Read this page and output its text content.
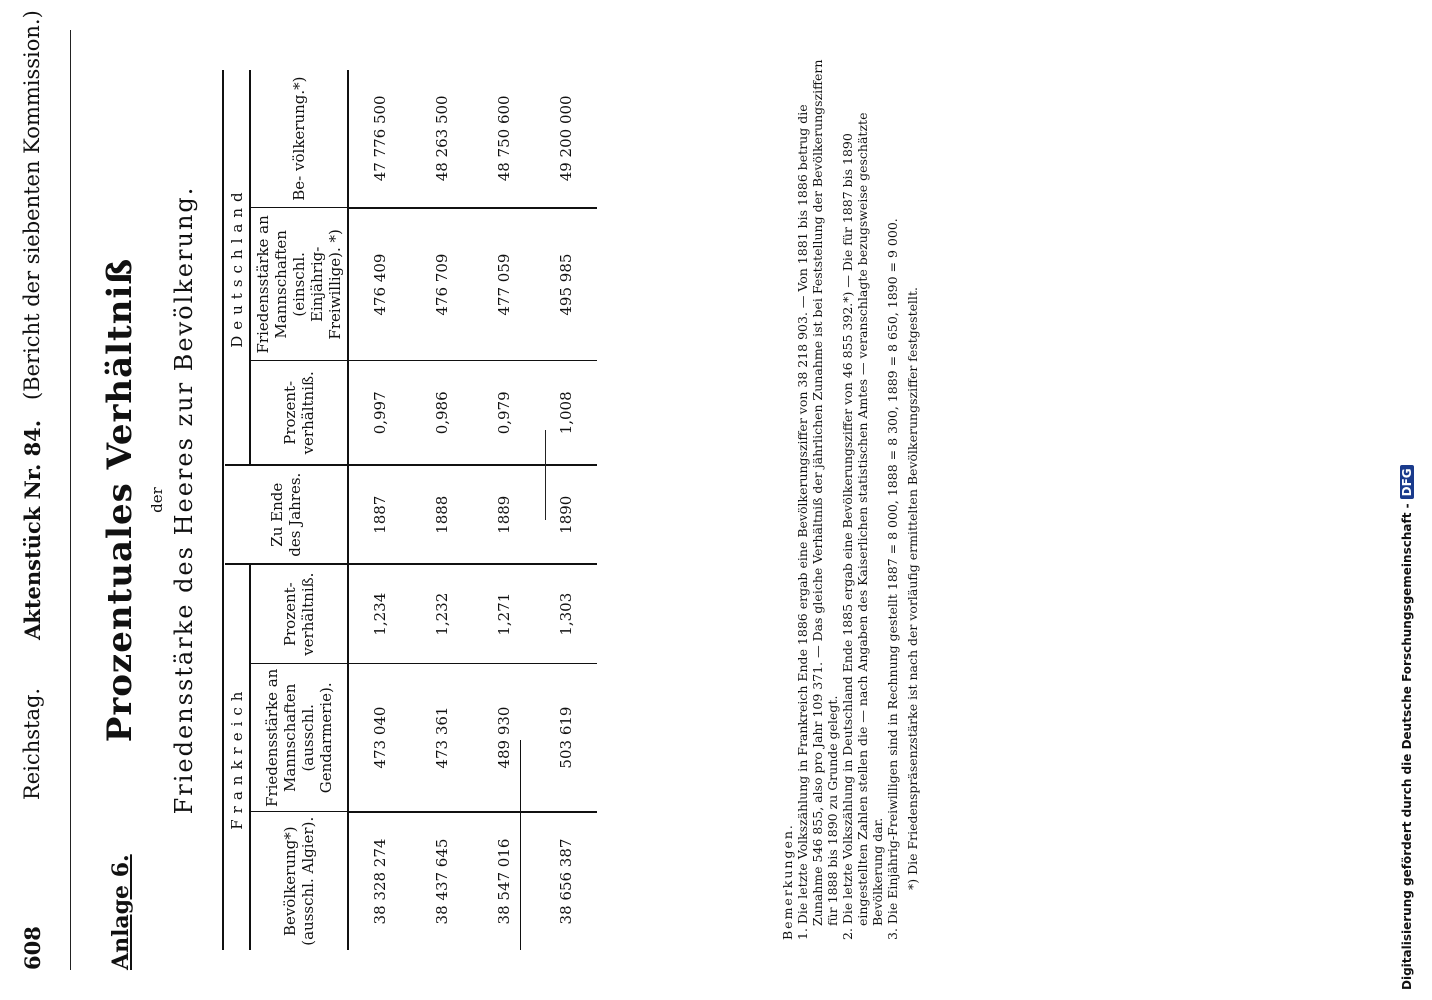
608
Reichstag.
Aktenstück Nr. 84.
(Bericht der siebenten Kommission.)
Anlage 6.
Prozentuales Verhältniß der Friedensstärke des Heeres zur Bevölkerung. Frankreich			Zu Ende des Jahres.	Deutschland		
Bevölkerung*) (ausschl. Algier).	Friedensstärke an Mannschaften (ausschl. Gendarmerie).	Prozent- verhältniß.		Prozent- verhältniß.	Friedensstärke an Mannschaften (einschl. Einjährig- Freiwillige). *)	Be- völkerung.*)
38 328 274	473 040	1,234	1887	0,997	476 409	47 776 500
38 437 645	473 361	1,232	1888	0,986	476 709	48 263 500
38 547 016	489 930	1,271	1889	0,979	477 059	48 750 600
38 656 387	503 619	1,303	1890	1,008	495 985	49 200 000
Bemerkungen. 1. Die letzte Volkszählung in Frankreich Ende 1886 ergab eine Bevölkerungsziffer von 38 218 903. — Von 1881 bis 1886 betrug die Zunahme 546 855, also pro Jahr 109 371. — Das gleiche Verhältniß der jährlichen Zunahme ist bei Feststellung der Bevölkerungsziffern für 1888 bis 1890 zu Grunde gelegt. 2. Die letzte Volkszählung in Deutschland Ende 1885 ergab eine Bevölkerungsziffer von 46 855 392.*) — Die für 1887 bis 1890 eingestellten Zahlen stellen die — nach Angaben des Kaiserlichen statistischen Amtes — veranschlagte bezugsweise geschätzte Bevölkerung dar. 3. Die Einjährig-Freiwilligen sind in Rechnung gestellt 1887 = 8 000, 1888 = 8 300, 1889 = 8 650, 1890 = 9 000. *) Die Friedenspräsenzstärke ist nach der vorläufig ermittelten Bevölkerungsziffer festgestellt.	Digitalisierung gefördert durch die Deutsche Forschungsgemeinschaft -DFG
